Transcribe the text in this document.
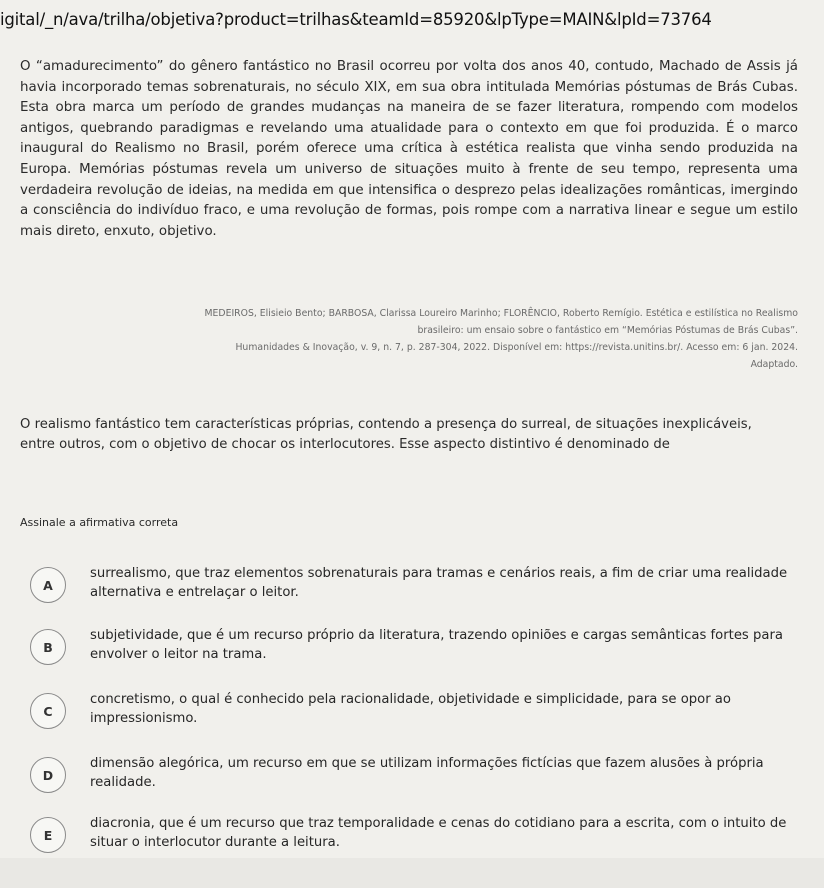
igital/_n/ava/trilha/objetiva?product=trilhas&teamId=85920&lpType=MAIN&lpId=73764
O “amadurecimento” do gênero fantástico no Brasil ocorreu por volta dos anos 40, contudo, Machado de Assis já havia incorporado temas sobrenaturais, no século XIX, em sua obra intitulada Memórias póstumas de Brás Cubas. Esta obra marca um período de grandes mudanças na maneira de se fazer literatura, rompendo com modelos antigos, quebrando paradigmas e revelando uma atualidade para o contexto em que foi produzida. É o marco inaugural do Realismo no Brasil, porém oferece uma crítica à estética realista que vinha sendo produzida na Europa. Memórias póstumas revela um universo de situações muito à frente de seu tempo, representa uma verdadeira revolução de ideias, na medida em que intensifica o desprezo pelas idealizações românticas, imergindo a consciência do indivíduo fraco, e uma revolução de formas, pois rompe com a narrativa linear e segue um estilo mais direto, enxuto, objetivo.
MEDEIROS, Elisieio Bento; BARBOSA, Clarissa Loureiro Marinho; FLORÊNCIO, Roberto Remígio. Estética e estilística no Realismo
brasileiro: um ensaio sobre o fantástico em “Memórias Póstumas de Brás Cubas”.
Humanidades & Inovação, v. 9, n. 7, p. 287-304, 2022. Disponível em: https://revista.unitins.br/. Acesso em: 6 jan. 2024.
Adaptado.
O realismo fantástico tem características próprias, contendo a presença do surreal, de situações inexplicáveis, entre outros, com o objetivo de chocar os interlocutores. Esse aspecto distintivo é denominado de
Assinale a afirmativa correta
A
surrealismo, que traz elementos sobrenaturais para tramas e cenários reais, a fim de criar uma realidade alternativa e entrelaçar o leitor.
B
subjetividade, que é um recurso próprio da literatura, trazendo opiniões e cargas semânticas fortes para envolver o leitor na trama.
C
concretismo, o qual é conhecido pela racionalidade, objetividade e simplicidade, para se opor ao impressionismo.
D
dimensão alegórica, um recurso em que se utilizam informações fictícias que fazem alusões à própria realidade.
E
diacronia, que é um recurso que traz temporalidade e cenas do cotidiano para a escrita, com o intuito de situar o interlocutor durante a leitura.
